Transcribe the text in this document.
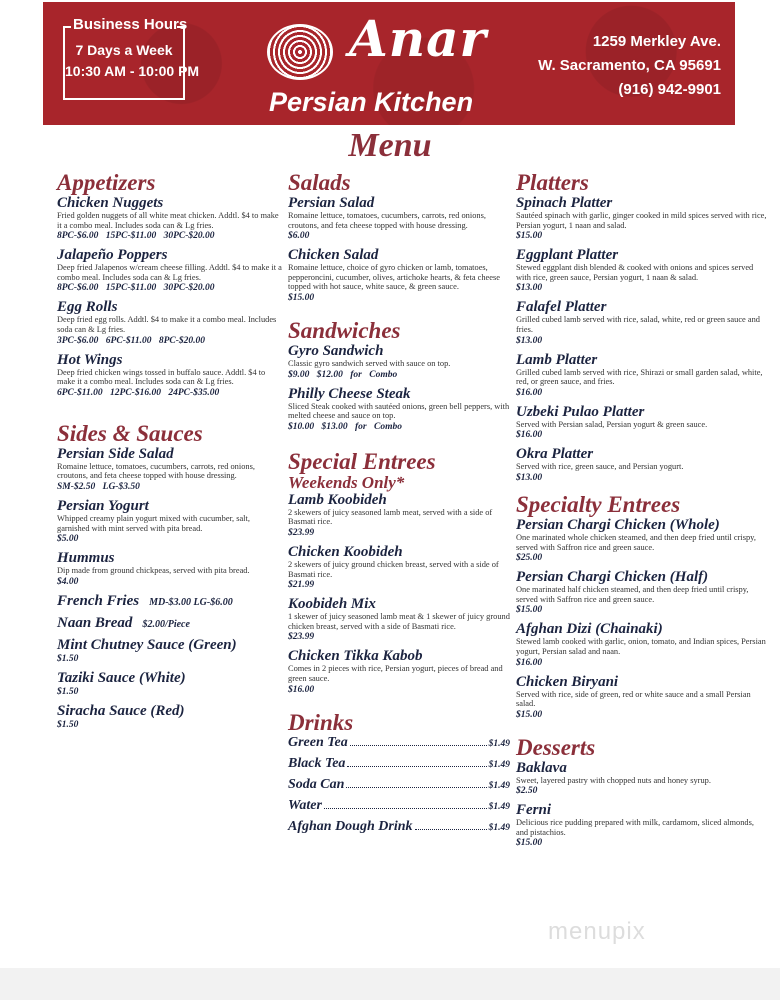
Business Hours
7 Days a Week
10:30 AM - 10:00 PM
Anar
Persian Kitchen
1259 Merkley Ave.
W. Sacramento, CA 95691
(916) 942-9901
Menu
Appetizers
Chicken Nuggets
Fried golden nuggets of all white meat chicken. Addtl. $4 to make it a combo meal. Includes soda can & Lg fries.
8PC-$6.00 15PC-$11.00 30PC-$20.00
Jalapeño Poppers
Deep fried Jalapenos w/cream cheese filling. Addtl. $4 to make it a combo meal. Includes soda can & Lg fries.
8PC-$6.00 15PC-$11.00 30PC-$20.00
Egg Rolls
Deep fried egg rolls. Addtl. $4 to make it a combo meal. Includes soda can & Lg fries.
3PC-$6.00 6PC-$11.00 8PC-$20.00
Hot Wings
Deep fried chicken wings tossed in buffalo sauce. Addtl. $4 to make it a combo meal. Includes soda can & Lg fries.
6PC-$11.00 12PC-$16.00 24PC-$35.00
Sides & Sauces
Persian Side Salad
Romaine lettuce, tomatoes, cucumbers, carrots, red onions, croutons, and feta cheese topped with house dressing.
SM-$2.50 LG-$3.50
Persian Yogurt
Whipped creamy plain yogurt mixed with cucumber, salt, garnished with mint served with pita bread.
$5.00
Hummus
Dip made from ground chickpeas, served with pita bread.
$4.00
French Fries MD-$3.00 LG-$6.00
Naan Bread $2.00/Piece
Mint Chutney Sauce (Green)
$1.50
Taziki Sauce (White)
$1.50
Siracha Sauce (Red)
$1.50
Salads
Persian Salad
Romaine lettuce, tomatoes, cucumbers, carrots, red onions, croutons, and feta cheese topped with house dressing.
$6.00
Chicken Salad
Romaine lettuce, choice of gyro chicken or lamb, tomatoes, pepperoncini, cucumber, olives, artichoke hearts, & feta cheese topped with hot sauce, white sauce, & green sauce.
$15.00
Sandwiches
Gyro Sandwich
Classic gyro sandwich served with sauce on top.
$9.00 $12.00 for Combo
Philly Cheese Steak
Sliced Steak cooked with sautéed onions, green bell peppers, with melted cheese and sauce on top.
$10.00 $13.00 for Combo
Special Entrees
Weekends Only*
Lamb Koobideh
2 skewers of juicy seasoned lamb meat, served with a side of Basmati rice.
$23.99
Chicken Koobideh
2 skewers of juicy ground chicken breast, served with a side of Basmati rice.
$21.99
Koobideh Mix
1 skewer of juicy seasoned lamb meat & 1 skewer of juicy ground chicken breast, served with a side of Basmati rice.
$23.99
Chicken Tikka Kabob
Comes in 2 pieces with rice, Persian yogurt, pieces of bread and green sauce.
$16.00
Drinks
Green Tea	$1.49
Black Tea	$1.49
Soda Can	$1.49
Water	$1.49
Afghan Dough Drink	$1.49
Platters
Spinach Platter
Sautéed spinach with garlic, ginger cooked in mild spices served with rice, Persian yogurt, 1 naan and salad.
$15.00
Eggplant Platter
Stewed eggplant dish blended & cooked with onions and spices served with rice, green sauce, Persian yogurt, 1 naan & salad.
$13.00
Falafel Platter
Grilled cubed lamb served with rice, salad, white, red or green sauce and fries.
$13.00
Lamb Platter
Grilled cubed lamb served with rice, Shirazi or small garden salad, white, red, or green sauce, and fries.
$16.00
Uzbeki Pulao Platter
Served with Persian salad, Persian yogurt & green sauce.
$16.00
Okra Platter
Served with rice, green sauce, and Persian yogurt.
$13.00
Specialty Entrees
Persian Chargi Chicken (Whole)
One marinated whole chicken steamed, and then deep fried until crispy, served with Saffron rice and green sauce.
$25.00
Persian Chargi Chicken (Half)
One marinated half chicken steamed, and then deep fried until crispy, served with Saffron rice and green sauce.
$15.00
Afghan Dizi (Chainaki)
Stewed lamb cooked with garlic, onion, tomato, and Indian spices, Persian yogurt, Persian salad and naan.
$16.00
Chicken Biryani
Served with rice, side of green, red or white sauce and a small Persian salad.
$15.00
Desserts
Baklava
Sweet, layered pastry with chopped nuts and honey syrup.
$2.50
Ferni
Delicious rice pudding prepared with milk, cardamom, sliced almonds, and pistachios.
$15.00
menupix
